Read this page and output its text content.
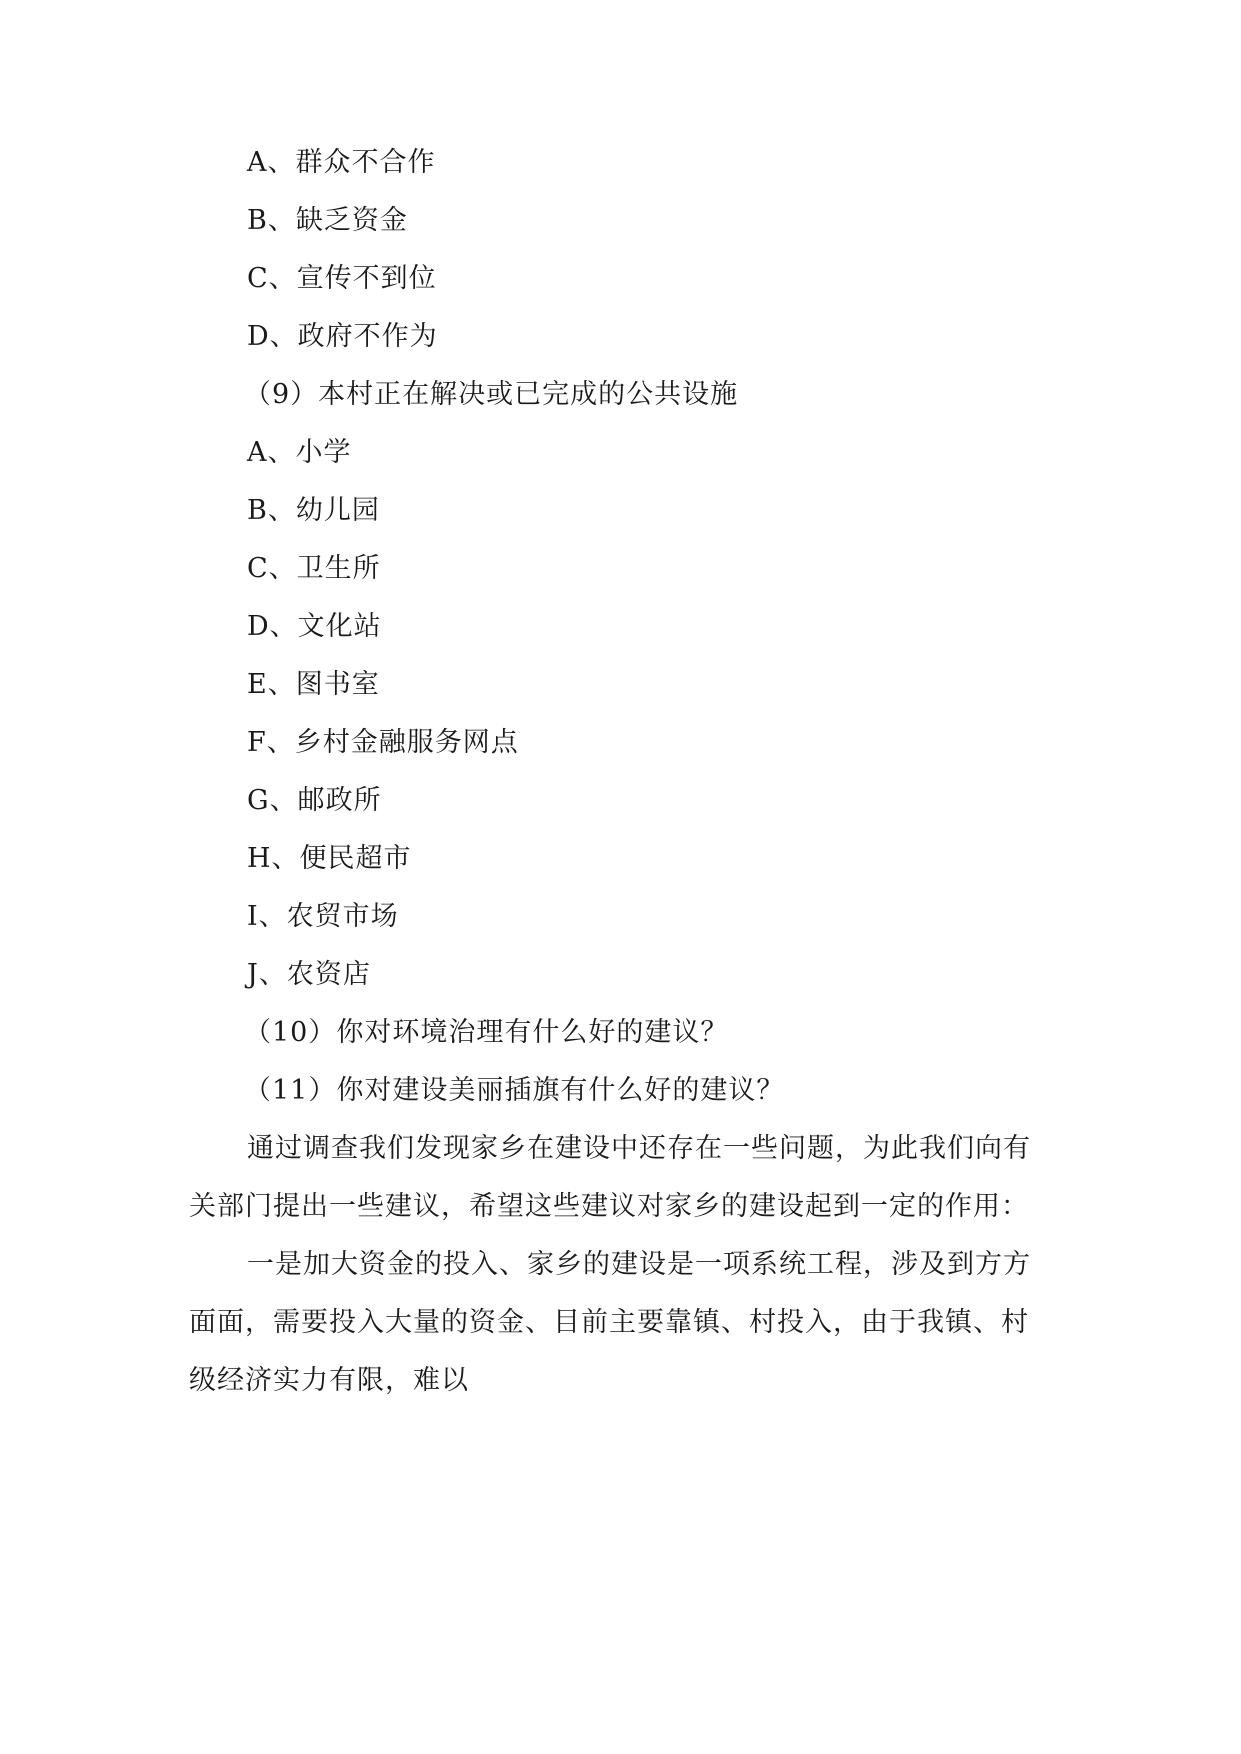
A、群众不合作
B、缺乏资金
C、宣传不到位
D、政府不作为
（9）本村正在解决或已完成的公共设施
A、小学
B、幼儿园
C、卫生所
D、文化站
E、图书室
F、乡村金融服务网点
G、邮政所
H、便民超市
I、农贸市场
J、农资店
（10）你对环境治理有什么好的建议？
（11）你对建设美丽插旗有什么好的建议？
通过调查我们发现家乡在建设中还存在一些问题，为此我们向有
关部门提出一些建议，希望这些建议对家乡的建设起到一定的作用：
一是加大资金的投入、家乡的建设是一项系统工程，涉及到方方
面面，需要投入大量的资金、目前主要靠镇、村投入，由于我镇、村
级经济实力有限，难以
